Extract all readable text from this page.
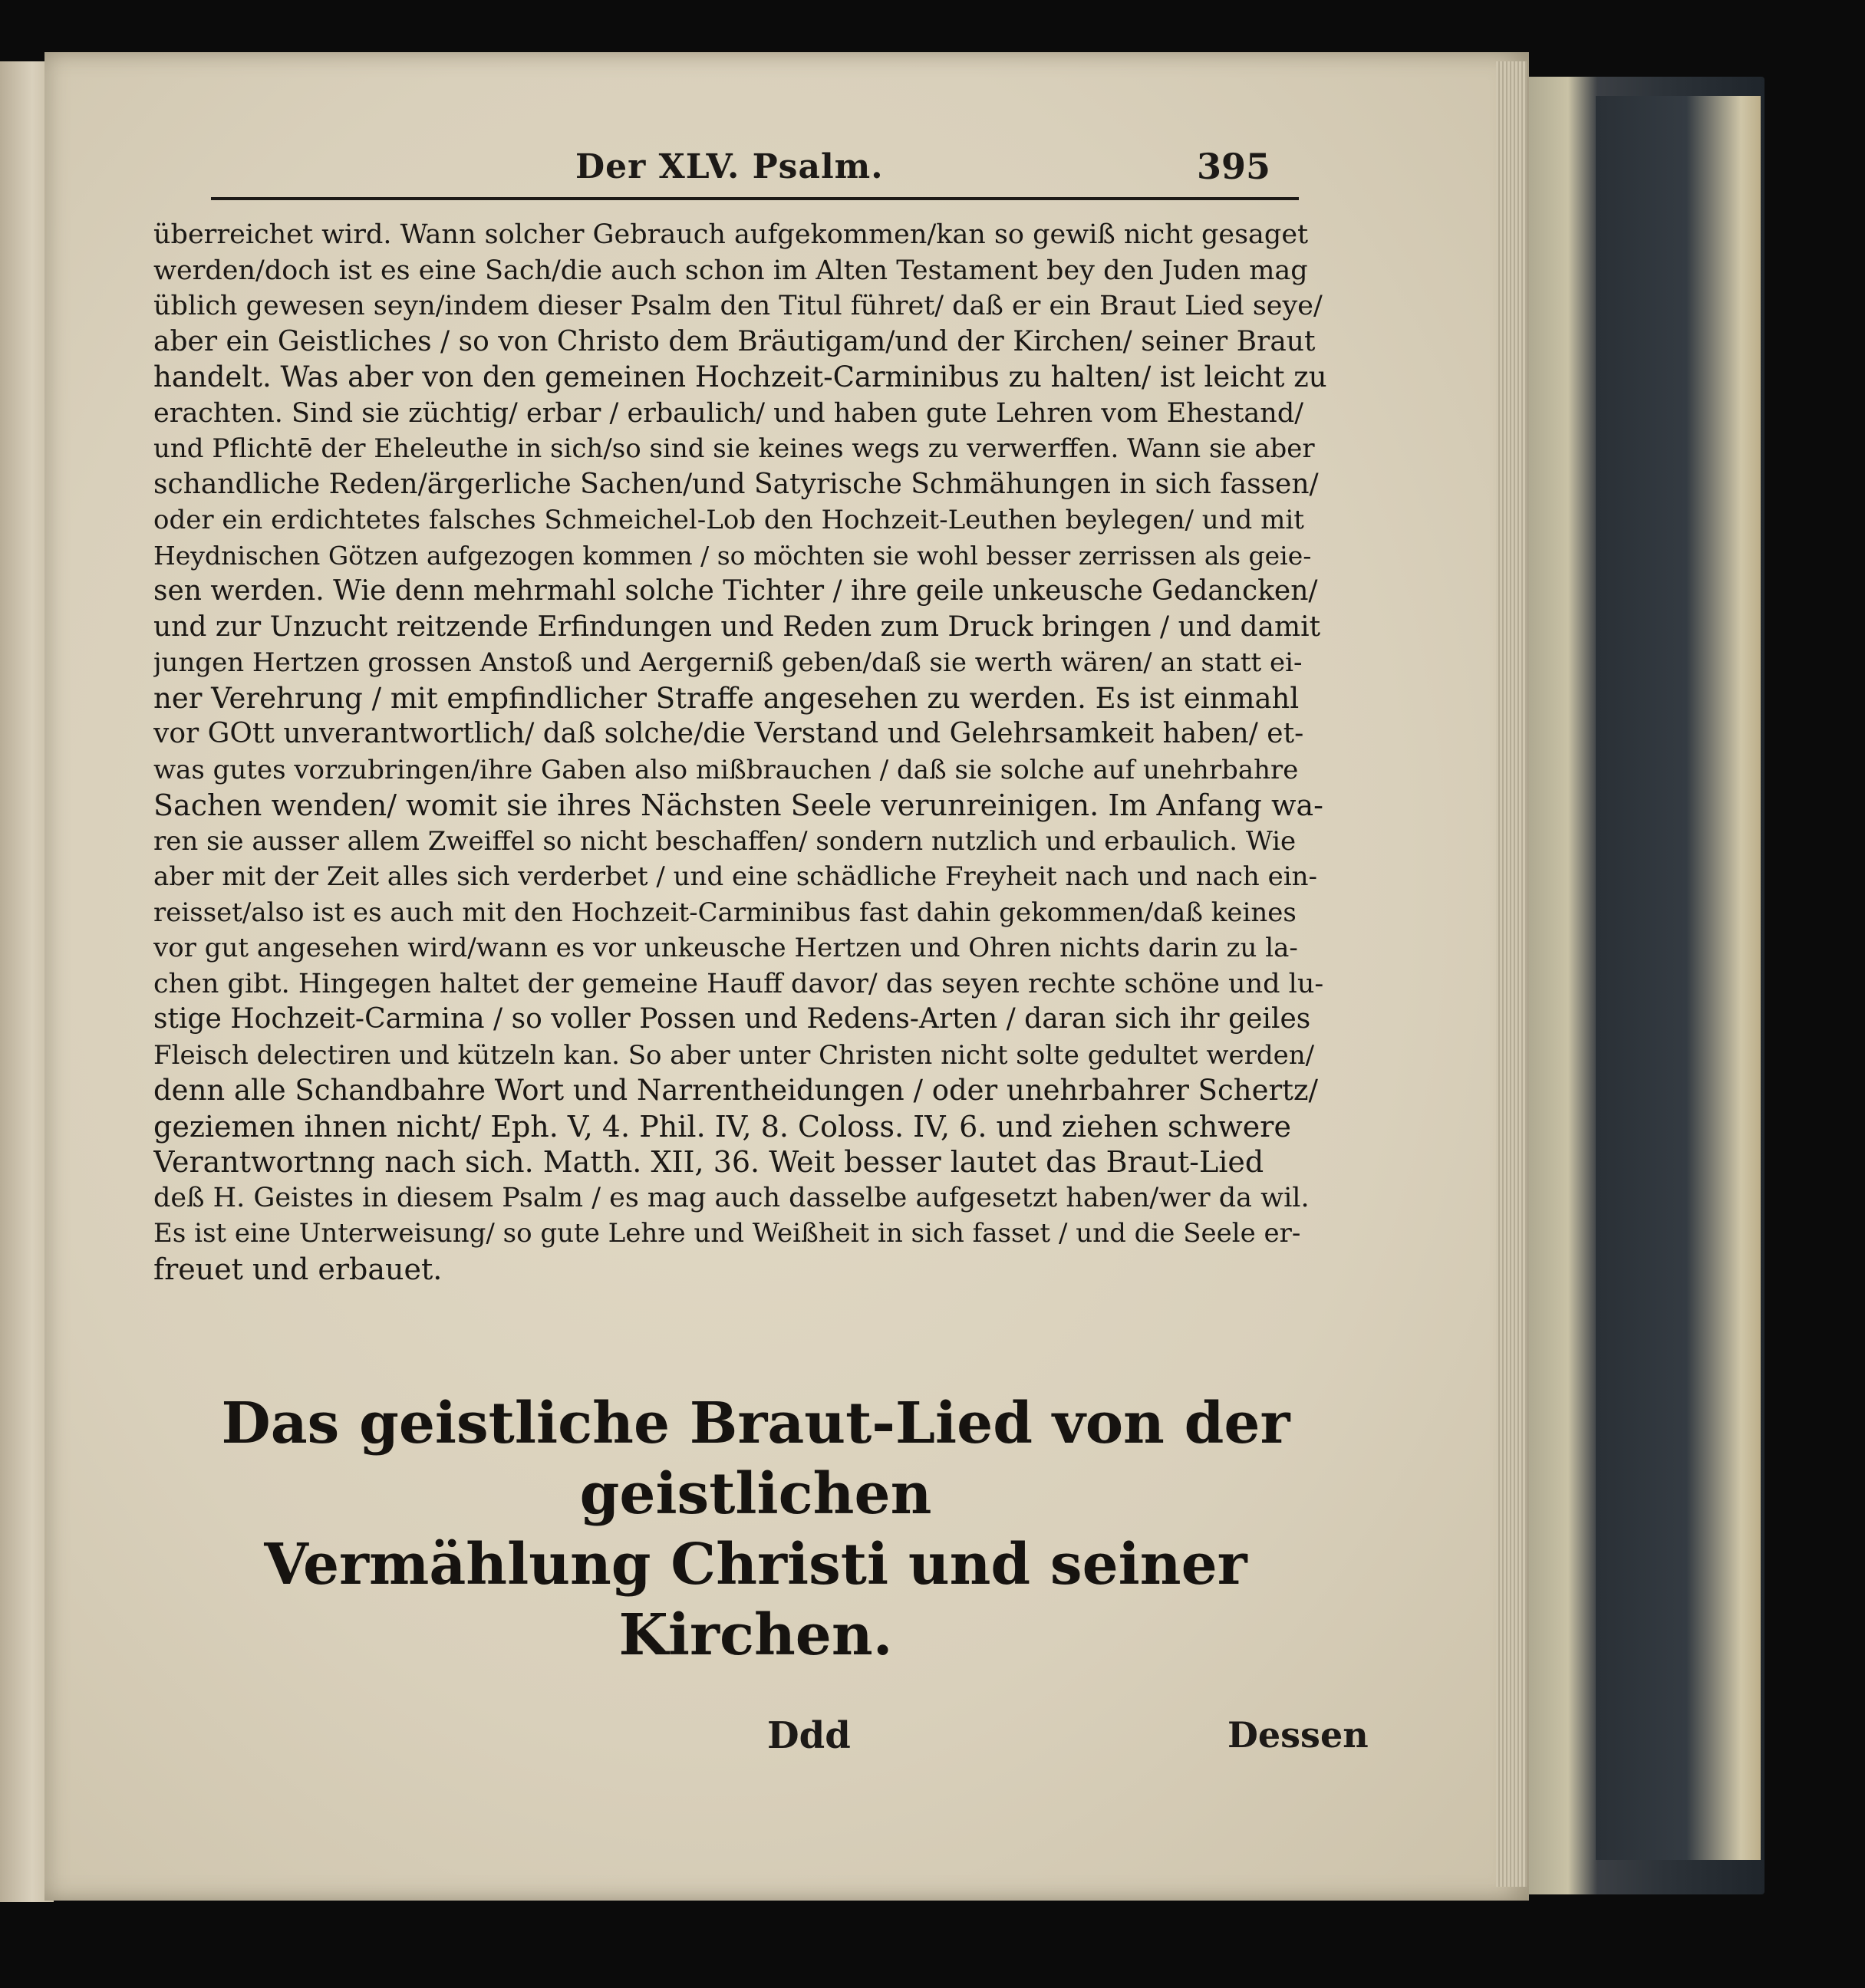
Der XLV. Psalm.	395
überreichet wird. Wann solcher Gebrauch aufgekommen/kan so gewiß nicht gesaget
werden/doch ist es eine Sach/die auch schon im Alten Testament bey den Juden mag
üblich gewesen seyn/indem dieser Psalm den Titul führet/ daß er ein Braut Lied seye/
aber ein Geistliches / so von Christo dem Bräutigam/und der Kirchen/ seiner Braut
handelt. Was aber von den gemeinen Hochzeit-Carminibus zu halten/ ist leicht zu
erachten. Sind sie züchtig/ erbar / erbaulich/ und haben gute Lehren vom Ehestand/
und Pflichtē der Eheleuthe in sich/so sind sie keines wegs zu verwerffen. Wann sie aber
schandliche Reden/ärgerliche Sachen/und Satyrische Schmähungen in sich fassen/
oder ein erdichtetes falsches Schmeichel-Lob den Hochzeit-Leuthen beylegen/ und mit
Heydnischen Götzen aufgezogen kommen / so möchten sie wohl besser zerrissen als geie-
sen werden. Wie denn mehrmahl solche Tichter / ihre geile unkeusche Gedancken/
und zur Unzucht reitzende Erfindungen und Reden zum Druck bringen / und damit
jungen Hertzen grossen Anstoß und Aergerniß geben/daß sie werth wären/ an statt ei-
ner Verehrung / mit empfindlicher Straffe angesehen zu werden. Es ist einmahl
vor GOtt unverantwortlich/ daß solche/die Verstand und Gelehrsamkeit haben/ et-
was gutes vorzubringen/ihre Gaben also mißbrauchen / daß sie solche auf unehrbahre
Sachen wenden/ womit sie ihres Nächsten Seele verunreinigen. Im Anfang wa-
ren sie ausser allem Zweiffel so nicht beschaffen/ sondern nutzlich und erbaulich. Wie
aber mit der Zeit alles sich verderbet / und eine schädliche Freyheit nach und nach ein-
reisset/also ist es auch mit den Hochzeit-Carminibus fast dahin gekommen/daß keines
vor gut angesehen wird/wann es vor unkeusche Hertzen und Ohren nichts darin zu la-
chen gibt. Hingegen haltet der gemeine Hauff davor/ das seyen rechte schöne und lu-
stige Hochzeit-Carmina / so voller Possen und Redens-Arten / daran sich ihr geiles
Fleisch delectiren und kützeln kan. So aber unter Christen nicht solte gedultet werden/
denn alle Schandbahre Wort und Narrentheidungen / oder unehrbahrer Schertz/
geziemen ihnen nicht/ Eph. V, 4. Phil. IV, 8. Coloss. IV, 6. und ziehen schwere
Verantwortnng nach sich. Matth. XII, 36. Weit besser lautet das Braut-Lied
deß H. Geistes in diesem Psalm / es mag auch dasselbe aufgesetzt haben/wer da wil.
Es ist eine Unterweisung/ so gute Lehre und Weißheit in sich fasset / und die Seele er-
freuet und erbauet.
Das geistliche Braut-Lied von der geistlichen
Vermählung Christi und seiner
Kirchen.
Ddd	Dessen
